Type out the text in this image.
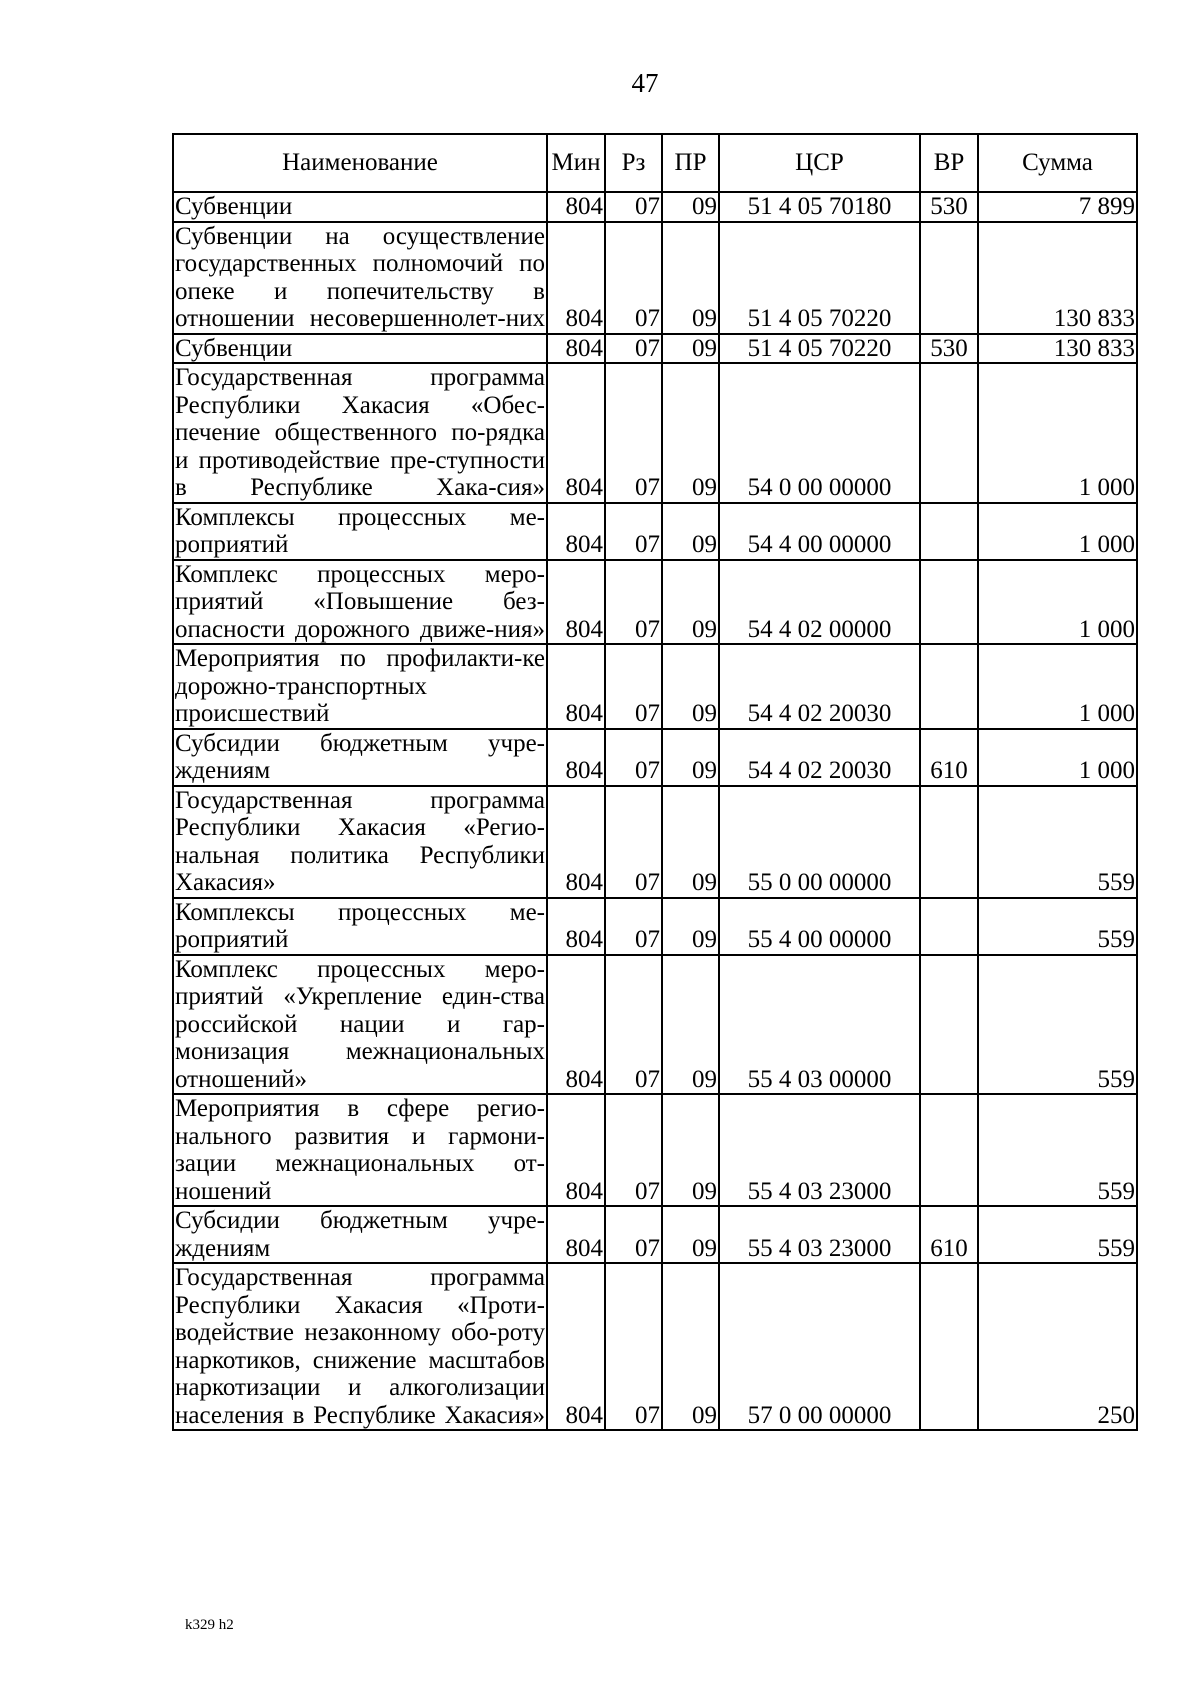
47
Наименование	Мин	Рз	ПР	ЦСР	ВР	Сумма
Субвенции	804	07	09	51 4 05 70180	530	7 899
Субвенции на осуществление государственных полномочий по опеке и попечительству в отношении несовершеннолет-них	804	07	09	51 4 05 70220		130 833
Субвенции	804	07	09	51 4 05 70220	530	130 833
Государственная программа Республики Хакасия «Обес-печение общественного по-рядка и противодействие пре-ступности в Республике Хака-сия»	804	07	09	54 0 00 00000		1 000
Комплексы процессных ме-роприятий	804	07	09	54 4 00 00000		1 000
Комплекс процессных меро-приятий «Повышение без-опасности дорожного движе-ния»	804	07	09	54 4 02 00000		1 000
Мероприятия по профилакти-ке дорожно-транспортных происшествий	804	07	09	54 4 02 20030		1 000
Субсидии бюджетным учре-ждениям	804	07	09	54 4 02 20030	610	1 000
Государственная программа Республики Хакасия «Регио-нальная политика Республики Хакасия»	804	07	09	55 0 00 00000		559
Комплексы процессных ме-роприятий	804	07	09	55 4 00 00000		559
Комплекс процессных меро-приятий «Укрепление един-ства российской нации и гар-монизация межнациональных отношений»	804	07	09	55 4 03 00000		559
Мероприятия в сфере регио-нального развития и гармони-зации межнациональных от-ношений	804	07	09	55 4 03 23000		559
Субсидии бюджетным учре-ждениям	804	07	09	55 4 03 23000	610	559
Государственная программа Республики Хакасия «Проти-водействие незаконному обо-роту наркотиков, снижение масштабов наркотизации и алкоголизации населения в Республике Хакасия»	804	07	09	57 0 00 00000		250
k329 h2
